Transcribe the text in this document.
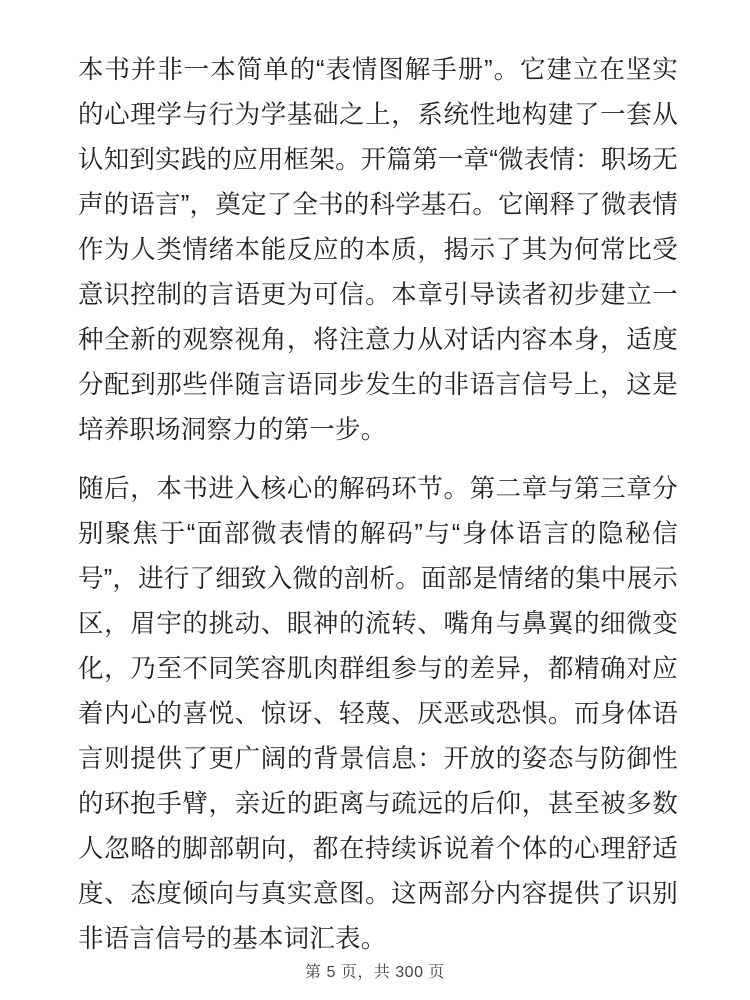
本书并非一本简单的“表情图解手册”。它建立在坚实的心理学与行为学基础之上，系统性地构建了一套从认知到实践的应用框架。开篇第一章“微表情：职场无声的语言”，奠定了全书的科学基石。它阐释了微表情作为人类情绪本能反应的本质，揭示了其为何常比受意识控制的言语更为可信。本章引导读者初步建立一种全新的观察视角，将注意力从对话内容本身，适度分配到那些伴随言语同步发生的非语言信号上，这是培养职场洞察力的第一步。

随后，本书进入核心的解码环节。第二章与第三章分别聚焦于“面部微表情的解码”与“身体语言的隐秘信号”，进行了细致入微的剖析。面部是情绪的集中展示区，眉宇的挑动、眼神的流转、嘴角与鼻翼的细微变化，乃至不同笑容肌肉群组参与的差异，都精确对应着内心的喜悦、惊讶、轻蔑、厌恶或恐惧。而身体语言则提供了更广阔的背景信息：开放的姿态与防御性的环抱手臂，亲近的距离与疏远的后仰，甚至被多数人忽略的脚部朝向，都在持续诉说着个体的心理舒适度、态度倾向与真实意图。这两部分内容提供了识别非语言信号的基本词汇表。

第 5 页，共 300 页
